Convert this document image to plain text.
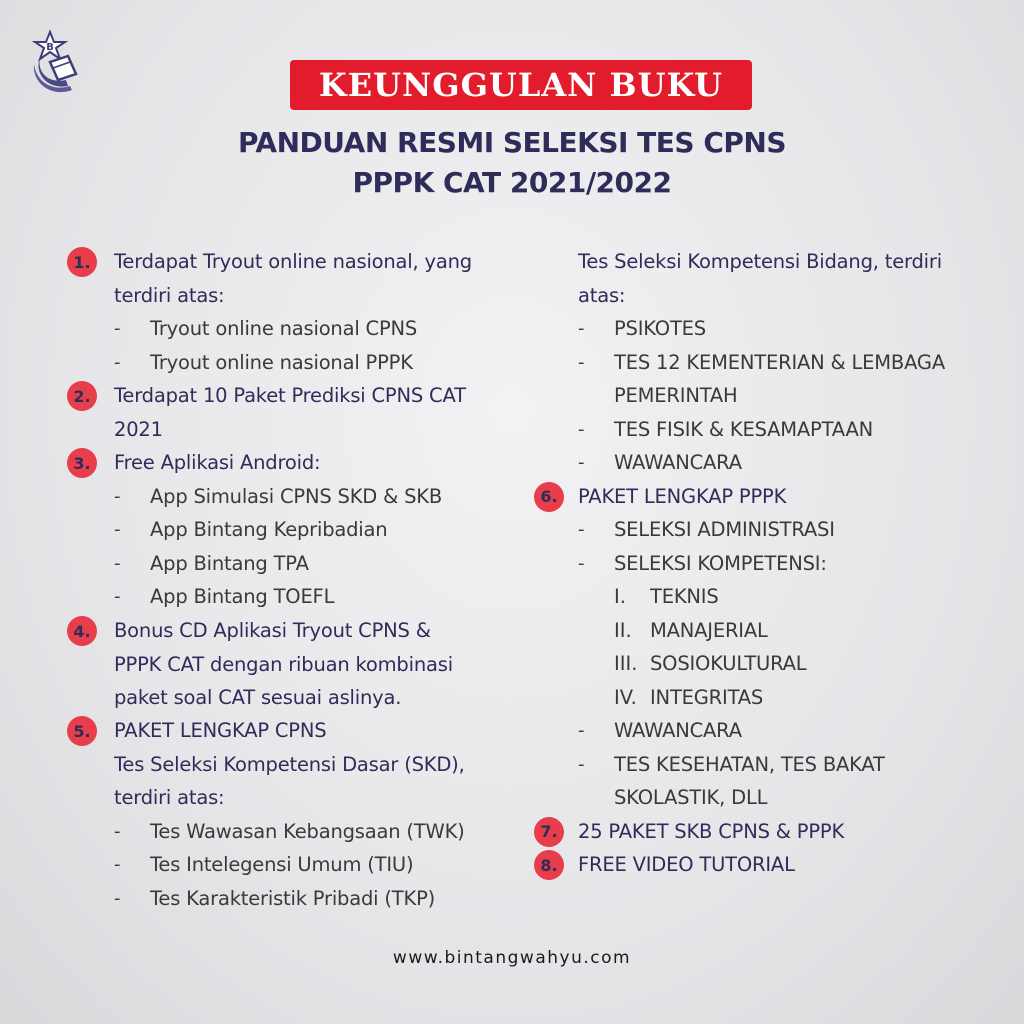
B
KEUNGGULAN BUKU
PANDUAN RESMI SELEKSI TES CPNS
PPPK CAT 2021/2022
1.	Terdapat Tryout online nasional, yang
terdiri atas:
- Tryout online nasional CPNS
- Tryout online nasional PPPK
2.	Terdapat 10 Paket Prediksi CPNS CAT
2021
3.	Free Aplikasi Android:
- App Simulasi CPNS SKD & SKB
- App Bintang Kepribadian
- App Bintang TPA
- App Bintang TOEFL
4.	Bonus CD Aplikasi Tryout CPNS &
PPPK CAT dengan ribuan kombinasi
paket soal CAT sesuai aslinya.
5.	PAKET LENGKAP CPNS
Tes Seleksi Kompetensi Dasar (SKD),
terdiri atas:
- Tes Wawasan Kebangsaan (TWK)
- Tes Intelegensi Umum (TIU)
- Tes Karakteristik Pribadi (TKP)
Tes Seleksi Kompetensi Bidang, terdiri
atas:
- PSIKOTES
- TES 12 KEMENTERIAN & LEMBAGA
PEMERINTAH
- TES FISIK & KESAMAPTAAN
- WAWANCARA
6.	PAKET LENGKAP PPPK
- SELEKSI ADMINISTRASI
- SELEKSI KOMPETENSI:
I. TEKNIS
II. MANAJERIAL
III. SOSIOKULTURAL
IV. INTEGRITAS
- WAWANCARA
- TES KESEHATAN, TES BAKAT
SKOLASTIK, DLL
7.	25 PAKET SKB CPNS & PPPK
8.	FREE VIDEO TUTORIAL
www.bintangwahyu.com
